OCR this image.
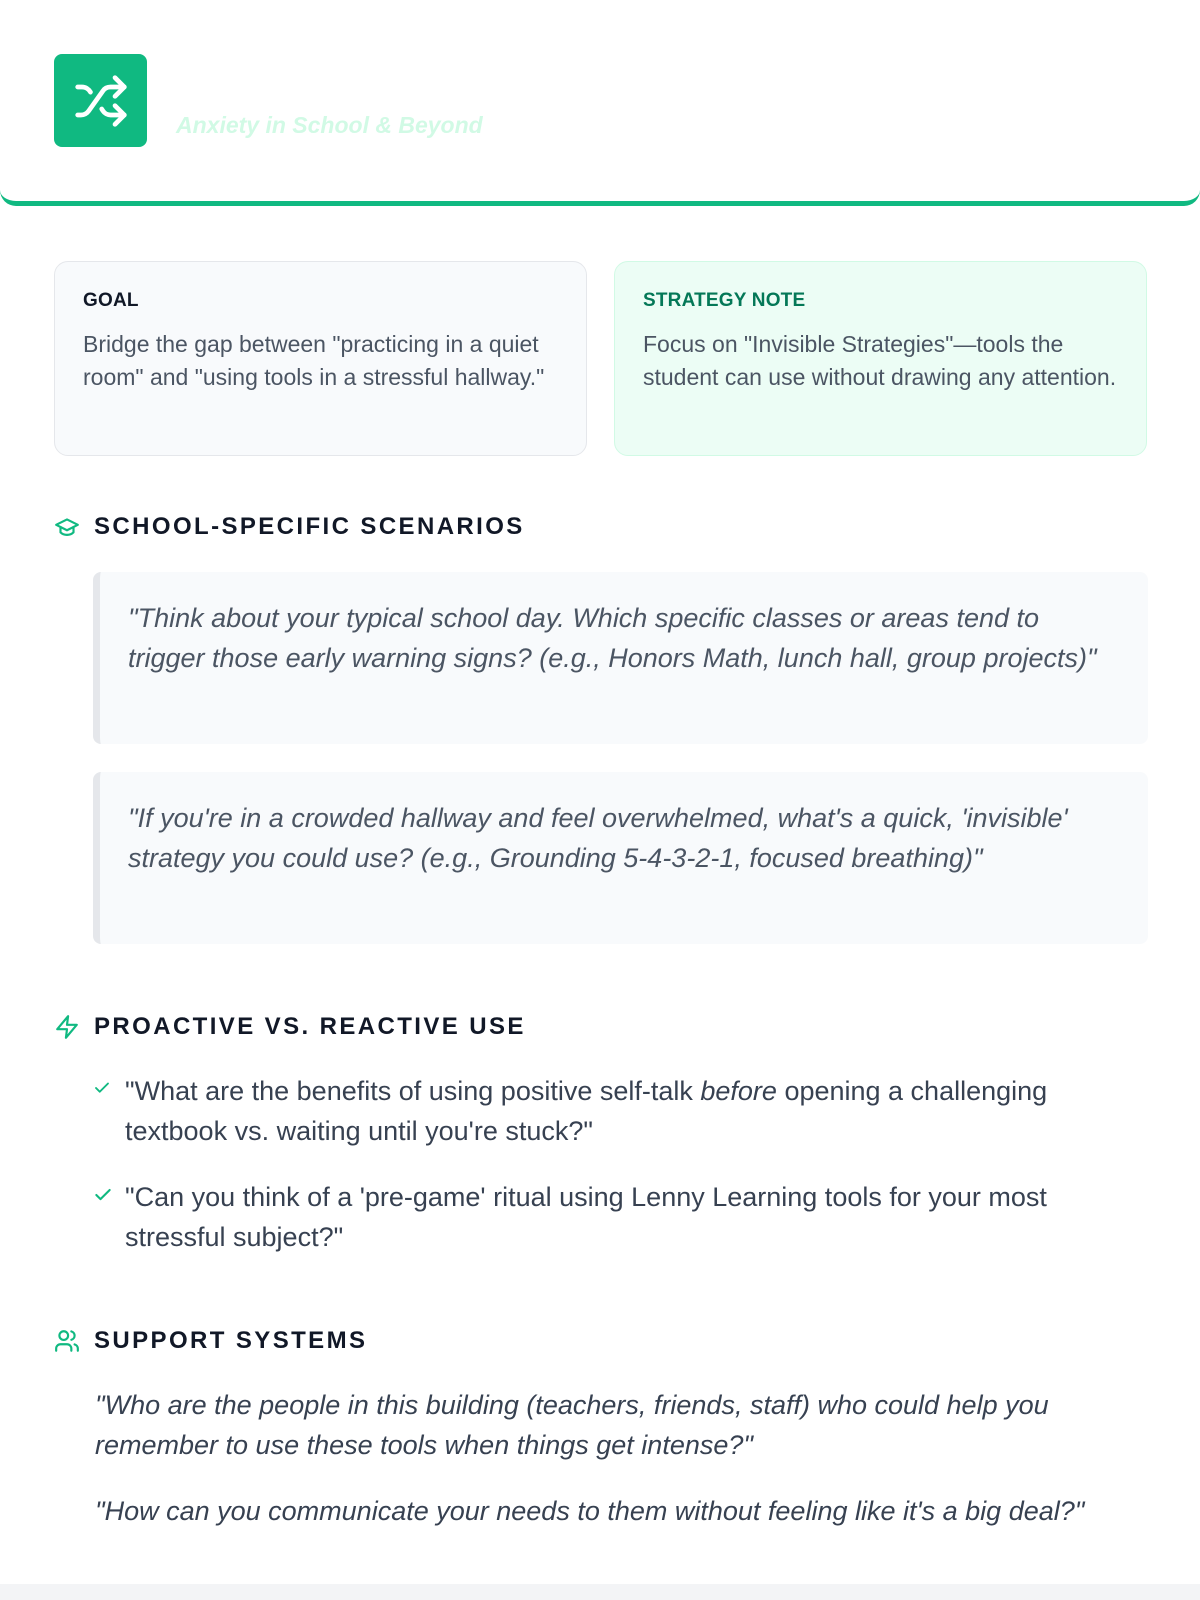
Anxiety in School & Beyond
GOAL
Bridge the gap between "practicing in a quiet room" and "using tools in a stressful hallway."
STRATEGY NOTE
Focus on "Invisible Strategies"—tools the student can use without drawing any attention.
SCHOOL-SPECIFIC SCENARIOS
"Think about your typical school day. Which specific classes or areas tend to trigger those early warning signs? (e.g., Honors Math, lunch hall, group projects)"
"If you're in a crowded hallway and feel overwhelmed, what's a quick, 'invisible' strategy you could use? (e.g., Grounding 5-4-3-2-1, focused breathing)"
PROACTIVE VS. REACTIVE USE
"What are the benefits of using positive self-talk before opening a challenging textbook vs. waiting until you're stuck?"
"Can you think of a 'pre-game' ritual using Lenny Learning tools for your most stressful subject?"
SUPPORT SYSTEMS
"Who are the people in this building (teachers, friends, staff) who could help you remember to use these tools when things get intense?"
"How can you communicate your needs to them without feeling like it's a big deal?"
